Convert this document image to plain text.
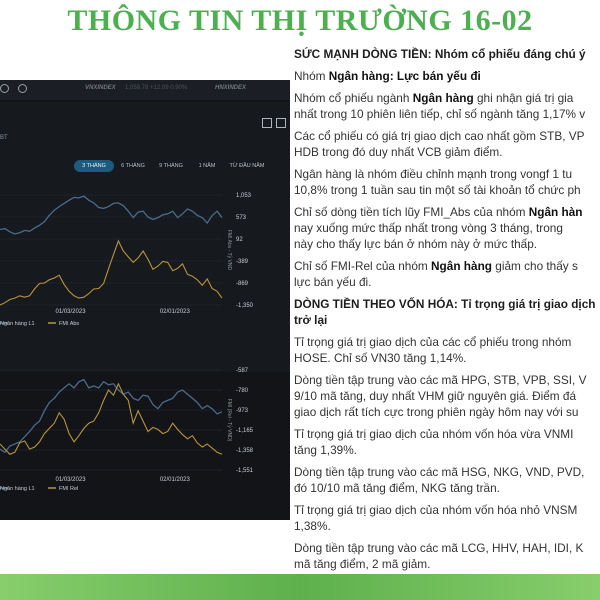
THÔNG TIN THỊ TRƯỜNG 16-02
VNXINDEX 1,058.78 +12.09 0.90%	HNXINDEX
BT
3 THÁNG	6 THÁNG	9 THÁNG	1 NĂM	TỪ ĐẦU NĂM
1,053
573
92
-389
-869
-1,350
FMI Abs - Tỷ VND
01/03/2023	02/01/2023
Ngân hàng L1	FMI Abs
-587
-780
-973
-1,165
-1,358
-1,551
FMI (Rel - Tỷ VND)
01/03/2023	02/01/2023
Ngân hàng L1	FMI Rel

SỨC MẠNH DÒNG TIỀN: Nhóm cổ phiếu đáng chú ý

Nhóm Ngân hàng: Lực bán yếu đi

Nhóm cổ phiếu ngành Ngân hàng ghi nhận giá trị gia
nhất trong 10 phiên liên tiếp, chỉ số ngành tăng 1,17% v

Các cổ phiếu có giá trị giao dịch cao nhất gồm STB, VP
HDB trong đó duy nhất VCB giảm điểm.

Ngân hàng là nhóm điều chỉnh mạnh trong vongf 1 tu
10,8% trong 1 tuần sau tin một số tài khoản tổ chức ph

Chỉ số dòng tiền tích lũy FMI_Abs của nhóm Ngân hàn
nay xuống mức thấp nhất trong vòng 3 tháng, trong
này cho thấy lực bán ở nhóm này ở mức thấp.

Chỉ số FMI-Rel của nhóm Ngân hàng giảm cho thấy s
lực bán yếu đi.

DÒNG TIỀN THEO VỐN HÓA: Tỉ trọng giá trị giao dịch
trở lại

Tỉ trọng giá trị giao dịch của các cổ phiếu trong nhóm
HOSE. Chỉ số VN30 tăng 1,14%.

Dòng tiền tập trung vào các mã HPG, STB, VPB, SSI, V
9/10 mã tăng, duy nhất VHM giữ nguyên giá. Điểm đá
giao dịch rất tích cực trong phiên ngày hôm nay với su

Tỉ trọng giá trị giao dịch của nhóm vốn hóa vừa VNMI
tăng 1,39%.

Dòng tiền tập trung vào các mã HSG, NKG, VND, PVD,
đó 10/10 mã tăng điểm, NKG tăng trần.

Tỉ trọng giá trị giao dịch của nhóm vốn hóa nhỏ VNSM
1,38%.

Dòng tiền tập trung vào các mã LCG, HHV, HAH, IDI, K
mã tăng điểm, 2 mã giảm.
